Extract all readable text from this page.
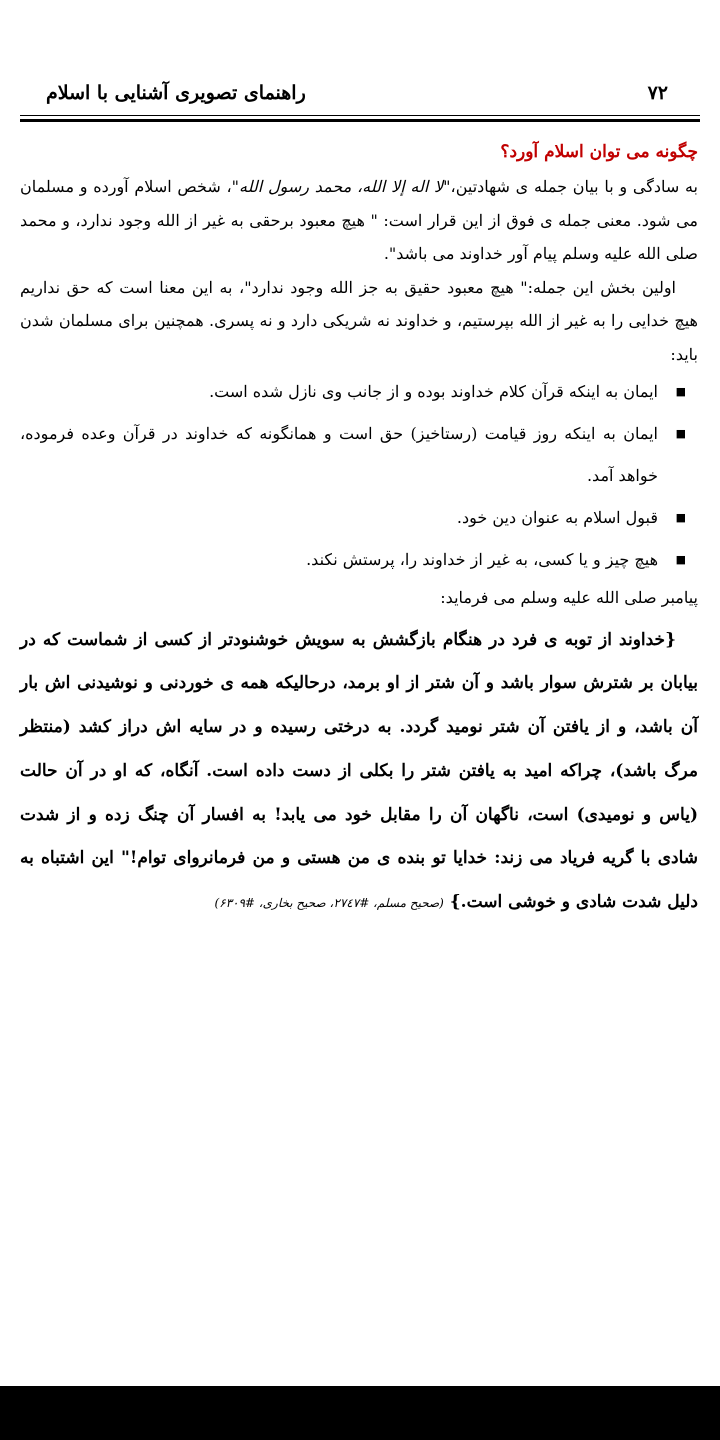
۷۲
راهنمای تصویری آشنایی با اسلام
چگونه می توان اسلام آورد؟

به سادگی و با بیان جمله ی شهادتین،"لا اله إلا الله، محمد رسول الله"، شخص اسلام آورده و مسلمان می شود. معنی جمله ی فوق از این قرار است: " هیچ معبود برحقی به غیر از الله وجود ندارد، و محمد صلی الله علیه وسلم پیام آور خداوند می باشد".

اولین بخش این جمله:" هیچ معبود حقیق به جز الله وجود ندارد"، به این معنا است که حق نداریم هیچ خدایی را به غیر از الله بپرستیم، و خداوند نه شریکی دارد و نه پسری. همچنین برای مسلمان شدن باید:

■
ایمان به اینکه قرآن کلام خداوند بوده و از جانب وی نازل شده است.
■
ایمان به اینکه روز قیامت (رستاخیز) حق است و همانگونه که خداوند در قرآن وعده فرموده، خواهد آمد.
■
قبول اسلام به عنوان دین خود.
■
هیچ چیز و یا کسی، به غیر از خداوند را، پرستش نکند.

پیامبر صلی الله علیه وسلم می فرماید:

{خداوند از توبه ی فرد در هنگام بازگشش به سویش خوشنودتر از کسی از شماست که در بیابان بر شترش سوار باشد و آن شتر از او برمد، درحالیکه همه ی خوردنی و نوشیدنی اش بار آن باشد، و از یافتن آن شتر نومید گردد. به درختی رسیده و در سایه اش دراز کشد (منتظر مرگ باشد)، چراکه امید به یافتن شتر را بکلی از دست داده است. آنگاه، که او در آن حالت (یاس و نومیدی) است، ناگهان آن را مقابل خود می یابد! به افسار آن چنگ زده و از شدت شادی با گریه فریاد می زند: خدایا تو بنده ی من هستی و من فرمانروای توام!" این اشتباه به دلیل شدت شادی و خوشی است.} (صحیح مسلم، #۲۷٤۷، صحیح بخاری، #۶۳۰۹)
